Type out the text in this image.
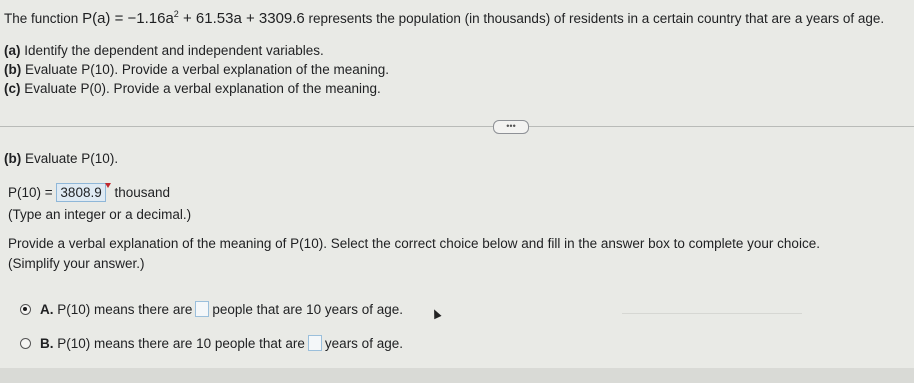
The function $P(a) = -1.16a^2 + 61.53a + 3309.6$ represents the population (in thousands) of residents in a certain country that are a years of age.
(a) Identify the dependent and independent variables.
(b) Evaluate P(10). Provide a verbal explanation of the meaning.
(c) Evaluate P(0). Provide a verbal explanation of the meaning.
•••
(b) Evaluate P(10).
P(10) = 3808.9 thousand
(Type an integer or a decimal.)
Provide a verbal explanation of the meaning of P(10). Select the correct choice below and fill in the answer box to complete your choice.
(Simplify your answer.)
A. P(10) means there are people that are 10 years of age.
B. P(10) means there are 10 people that are years of age.
